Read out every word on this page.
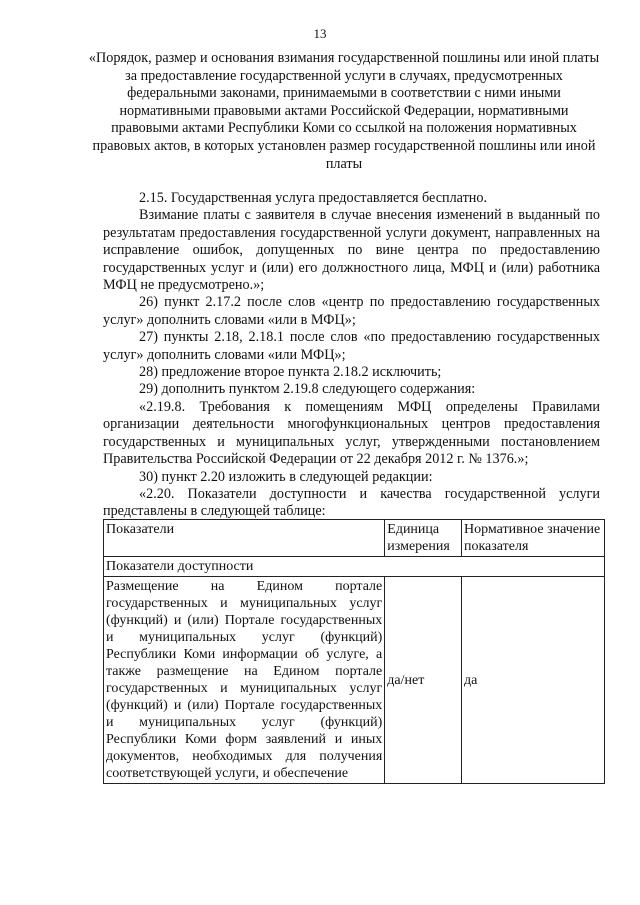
13
«Порядок, размер и основания взимания государственной пошлины или иной платы за предоставление государственной услуги в случаях, предусмотренных федеральными законами, принимаемыми в соответствии с ними иными нормативными правовыми актами Российской Федерации, нормативными правовыми актами Республики Коми со ссылкой на положения нормативных правовых актов, в которых установлен размер государственной пошлины или иной платы

2.15. Государственная услуга предоставляется бесплатно.

Взимание платы с заявителя в случае внесения изменений в выданный по результатам предоставления государственной услуги документ, направленных на исправление ошибок, допущенных по вине центра по предоставлению государственных услуг и (или) его должностного лица, МФЦ и (или) работника МФЦ не предусмотрено.»;

26) пункт 2.17.2 после слов «центр по предоставлению государственных услуг» дополнить словами «или в МФЦ»;

27) пункты 2.18, 2.18.1 после слов «по предоставлению государственных услуг» дополнить словами «или МФЦ»;

28) предложение второе пункта 2.18.2 исключить;

29) дополнить пунктом 2.19.8 следующего содержания:

«2.19.8. Требования к помещениям МФЦ определены Правилами организации деятельности многофункциональных центров предоставления государственных и муниципальных услуг, утвержденными постановлением Правительства Российской Федерации от 22 декабря 2012 г. № 1376.»;

30) пункт 2.20 изложить в следующей редакции:

«2.20. Показатели доступности и качества государственной услуги представлены в следующей таблице:

Показатели	Единица измерения	Нормативное значение показателя
Показатели доступности		
Размещение на Едином портале государственных и муниципальных услуг (функций) и (или) Портале государственных и муниципальных услуг (функций) Республики Коми информации об услуге, а также размещение на Едином портале государственных и муниципальных услуг (функций) и (или) Портале государственных и муниципальных услуг (функций) Республики Коми форм заявлений и иных документов, необходимых для получения соответствующей услуги, и обеспечение	да/нет	да
